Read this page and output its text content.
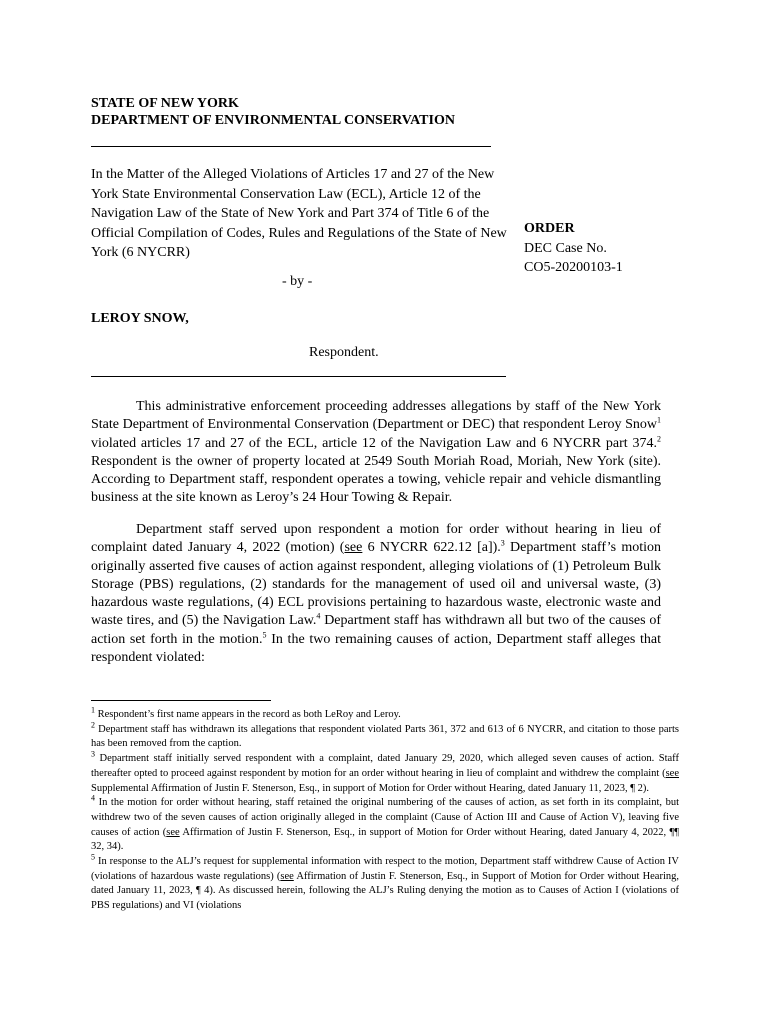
STATE OF NEW YORK
DEPARTMENT OF ENVIRONMENTAL CONSERVATION
In the Matter of the Alleged Violations of Articles 17 and 27 of the New York State Environmental Conservation Law (ECL), Article 12 of the Navigation Law of the State of New York and Part 374 of Title 6 of the Official Compilation of Codes, Rules and Regulations of the State of New York (6 NYCRR)
ORDER
DEC Case No.
CO5-20200103-1
- by -
LEROY SNOW,
Respondent.
This administrative enforcement proceeding addresses allegations by staff of the New York State Department of Environmental Conservation (Department or DEC) that respondent Leroy Snow$^1$ violated articles 17 and 27 of the ECL, article 12 of the Navigation Law and 6 NYCRR part 374.$^2$ Respondent is the owner of property located at 2549 South Moriah Road, Moriah, New York (site). According to Department staff, respondent operates a towing, vehicle repair and vehicle dismantling business at the site known as Leroy’s 24 Hour Towing & Repair.
Department staff served upon respondent a motion for order without hearing in lieu of complaint dated January 4, 2022 (motion) (see 6 NYCRR 622.12 [a]).$^3$ Department staff’s motion originally asserted five causes of action against respondent, alleging violations of (1) Petroleum Bulk Storage (PBS) regulations, (2) standards for the management of used oil and universal waste, (3) hazardous waste regulations, (4) ECL provisions pertaining to hazardous waste, electronic waste and waste tires, and (5) the Navigation Law.$^4$ Department staff has withdrawn all but two of the causes of action set forth in the motion.$^5$ In the two remaining causes of action, Department staff alleges that respondent violated:

$^1$ Respondent’s first name appears in the record as both LeRoy and Leroy.

$^2$ Department staff has withdrawn its allegations that respondent violated Parts 361, 372 and 613 of 6 NYCRR, and citation to those parts has been removed from the caption.

$^3$ Department staff initially served respondent with a complaint, dated January 29, 2020, which alleged seven causes of action. Staff thereafter opted to proceed against respondent by motion for an order without hearing in lieu of complaint and withdrew the complaint (see Supplemental Affirmation of Justin F. Stenerson, Esq., in support of Motion for Order without Hearing, dated January 11, 2023, ¶ 2).

$^4$ In the motion for order without hearing, staff retained the original numbering of the causes of action, as set forth in its complaint, but withdrew two of the seven causes of action originally alleged in the complaint (Cause of Action III and Cause of Action V), leaving five causes of action (see Affirmation of Justin F. Stenerson, Esq., in support of Motion for Order without Hearing, dated January 4, 2022, ¶¶ 32, 34).

$^5$ In response to the ALJ’s request for supplemental information with respect to the motion, Department staff withdrew Cause of Action IV (violations of hazardous waste regulations) (see Affirmation of Justin F. Stenerson, Esq., in Support of Motion for Order without Hearing, dated January 11, 2023, ¶ 4). As discussed herein, following the ALJ’s Ruling denying the motion as to Causes of Action I (violations of PBS regulations) and VI (violations
